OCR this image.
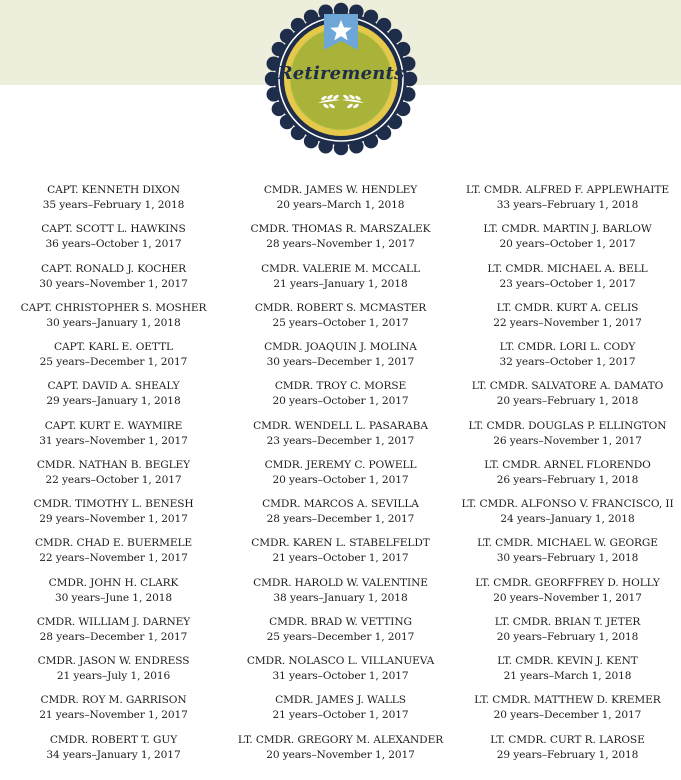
Retirements
CAPT. KENNETH DIXON
35 years–February 1, 2018
CAPT. SCOTT L. HAWKINS
36 years–October 1, 2017
CAPT. RONALD J. KOCHER
30 years–November 1, 2017
CAPT. CHRISTOPHER S. MOSHER
30 years–January 1, 2018
CAPT. KARL E. OETTL
25 years–December 1, 2017
CAPT. DAVID A. SHEALY
29 years–January 1, 2018
CAPT. KURT E. WAYMIRE
31 years–November 1, 2017
CMDR. NATHAN B. BEGLEY
22 years–October 1, 2017
CMDR. TIMOTHY L. BENESH
29 years–November 1, 2017
CMDR. CHAD E. BUERMELE
22 years–November 1, 2017
CMDR. JOHN H. CLARK
30 years–June 1, 2018
CMDR. WILLIAM J. DARNEY
28 years–December 1, 2017
CMDR. JASON W. ENDRESS
21 years–July 1, 2016
CMDR. ROY M. GARRISON
21 years–November 1, 2017
CMDR. ROBERT T. GUY
34 years–January 1, 2017
CMDR. JAMES W. HENDLEY
20 years–March 1, 2018
CMDR. THOMAS R. MARSZALEK
28 years–November 1, 2017
CMDR. VALERIE M. MCCALL
21 years–January 1, 2018
CMDR. ROBERT S. MCMASTER
25 years–October 1, 2017
CMDR. JOAQUIN J. MOLINA
30 years–December 1, 2017
CMDR. TROY C. MORSE
20 years–October 1, 2017
CMDR. WENDELL L. PASARABA
23 years–December 1, 2017
CMDR. JEREMY C. POWELL
20 years–October 1, 2017
CMDR. MARCOS A. SEVILLA
28 years–December 1, 2017
CMDR. KAREN L. STABELFELDT
21 years–October 1, 2017
CMDR. HAROLD W. VALENTINE
38 years–January 1, 2018
CMDR. BRAD W. VETTING
25 years–December 1, 2017
CMDR. NOLASCO L. VILLANUEVA
31 years–October 1, 2017
CMDR. JAMES J. WALLS
21 years–October 1, 2017
LT. CMDR. GREGORY M. ALEXANDER
20 years–November 1, 2017
LT. CMDR. ALFRED F. APPLEWHAITE
33 years–February 1, 2018
LT. CMDR. MARTIN J. BARLOW
20 years–October 1, 2017
LT. CMDR. MICHAEL A. BELL
23 years–October 1, 2017
LT. CMDR. KURT A. CELIS
22 years–November 1, 2017
LT. CMDR. LORI L. CODY
32 years–October 1, 2017
LT. CMDR. SALVATORE A. DAMATO
20 years–February 1, 2018
LT. CMDR. DOUGLAS P. ELLINGTON
26 years–November 1, 2017
LT. CMDR. ARNEL FLORENDO
26 years–February 1, 2018
LT. CMDR. ALFONSO V. FRANCISCO, II
24 years–January 1, 2018
LT. CMDR. MICHAEL W. GEORGE
30 years–February 1, 2018
LT. CMDR. GEORFFREY D. HOLLY
20 years–November 1, 2017
LT. CMDR. BRIAN T. JETER
20 years–February 1, 2018
LT. CMDR. KEVIN J. KENT
21 years–March 1, 2018
LT. CMDR. MATTHEW D. KREMER
20 years–December 1, 2017
LT. CMDR. CURT R. LAROSE
29 years–February 1, 2018
